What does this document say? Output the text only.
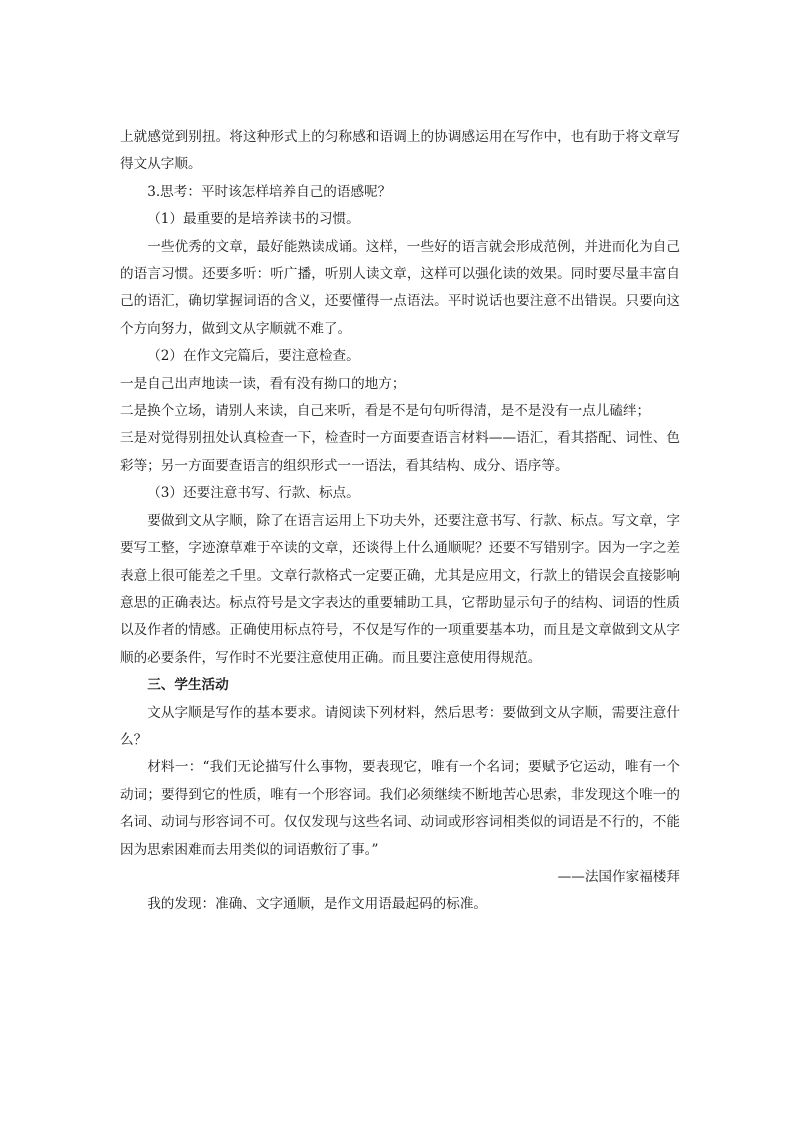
上就感觉到别扭。将这种形式上的匀称感和语调上的协调感运用在写作中，也有助于将文章写得文从字顺。

3.思考：平时该怎样培养自己的语感呢？

（1）最重要的是培养读书的习惯。

一些优秀的文章，最好能熟读成诵。这样，一些好的语言就会形成范例，并进而化为自己的语言习惯。还要多听：听广播，听别人读文章，这样可以强化读的效果。同时要尽量丰富自己的语汇，确切掌握词语的含义，还要懂得一点语法。平时说话也要注意不出错误。只要向这个方向努力，做到文从字顺就不难了。

（2）在作文完篇后，要注意检查。

一是自己出声地读一读，看有没有拗口的地方；

二是换个立场，请别人来读，自己来听，看是不是句句听得清，是不是没有一点儿磕绊；

三是对觉得别扭处认真检查一下，检查时一方面要查语言材料——语汇，看其搭配、词性、色彩等；另一方面要查语言的组织形式一一语法，看其结构、成分、语序等。

（3）还要注意书写、行款、标点。

要做到文从字顺，除了在语言运用上下功夫外，还要注意书写、行款、标点。写文章，字要写工整，字迹潦草难于卒读的文章，还谈得上什么通顺呢？还要不写错别字。因为一字之差表意上很可能差之千里。文章行款格式一定要正确，尤其是应用文，行款上的错误会直接影响意思的正确表达。标点符号是文字表达的重要辅助工具，它帮助显示句子的结构、词语的性质以及作者的情感。正确使用标点符号，不仅是写作的一项重要基本功，而且是文章做到文从字顺的必要条件，写作时不光要注意使用正确。而且要注意使用得规范。

三、学生活动

文从字顺是写作的基本要求。请阅读下列材料，然后思考：要做到文从字顺，需要注意什么？

材料一：“我们无论描写什么事物，要表现它，唯有一个名词；要赋予它运动，唯有一个动词；要得到它的性质，唯有一个形容词。我们必须继续不断地苦心思索，非发现这个唯一的名词、动词与形容词不可。仅仅发现与这些名词、动词或形容词相类似的词语是不行的，不能因为思索困难而去用类似的词语敷衍了事。”

——法国作家福楼拜

我的发现：准确、文字通顺，是作文用语最起码的标准。
